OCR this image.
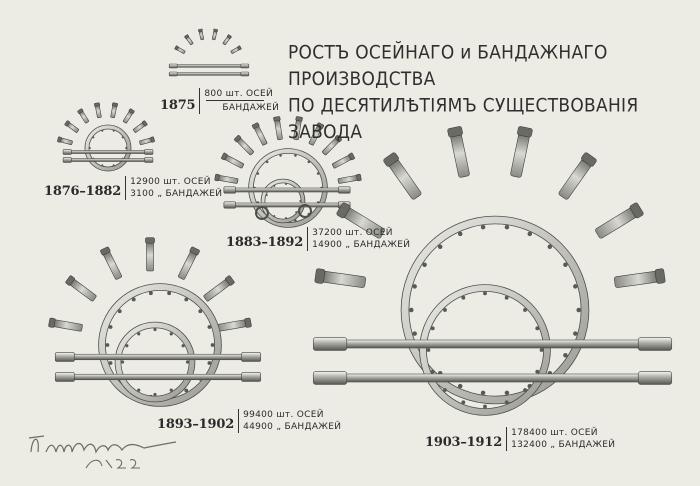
РОСТЪ ОСЕЙНАГО и БАНДАЖНАГО ПРОИЗВОДСТВА
ПО ДЕСЯТИЛѢТІЯМЪ СУЩЕСТВОВАНІЯ ЗАВОДА
1875
800 шт. ОСЕЙ
БАНДАЖЕЙ
1876–1882
12900 шт. ОСЕЙ
3100 „ БАНДАЖЕЙ
1883–1892
37200 шт. ОСЕЙ
14900 „ БАНДАЖЕЙ
1893–1902
99400 шт. ОСЕЙ
44900 „ БАНДАЖЕЙ
1903–1912
178400 шт. ОСЕЙ
132400 „ БАНДАЖЕЙ
